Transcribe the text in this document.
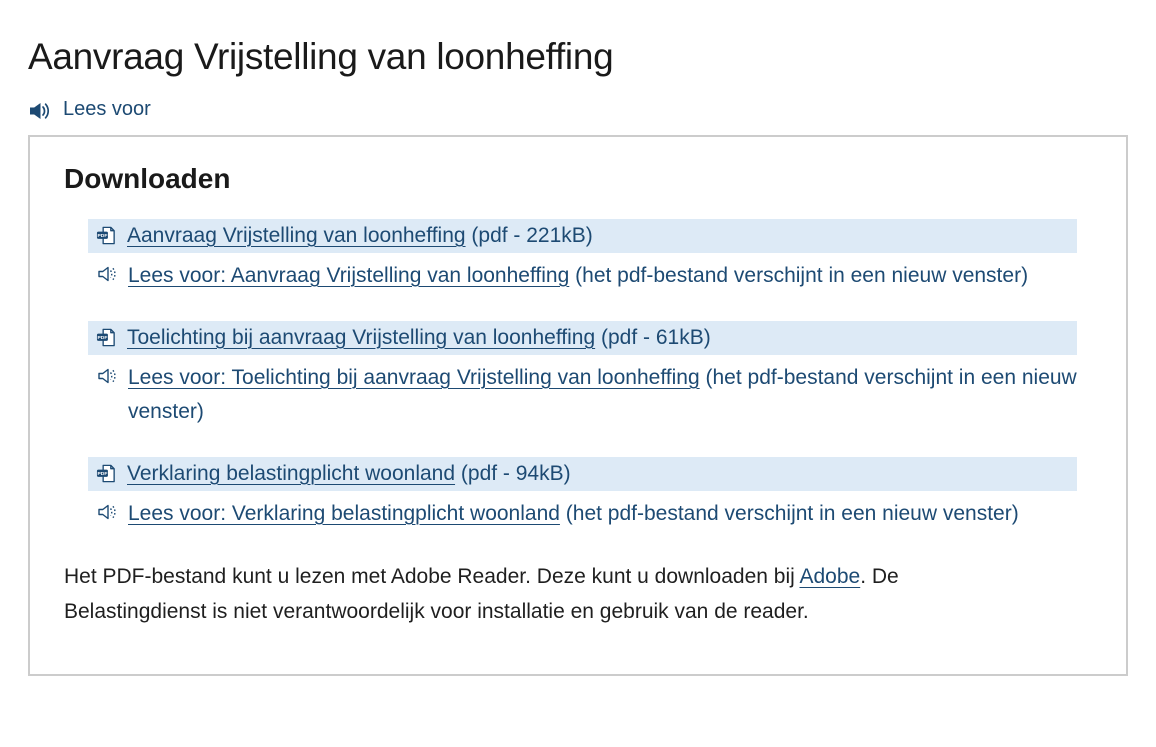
Aanvraag Vrijstelling van loonheffing
Lees voor
Downloaden
PDF Aanvraag Vrijstelling van loonheffing (pdf - 221kB)
Lees voor: Aanvraag Vrijstelling van loonheffing (het pdf-bestand verschijnt in een nieuw venster)
PDF Toelichting bij aanvraag Vrijstelling van loonheffing (pdf - 61kB)
Lees voor: Toelichting bij aanvraag Vrijstelling van loonheffing (het pdf-bestand verschijnt in een nieuw venster)
PDF Verklaring belastingplicht woonland (pdf - 94kB)
Lees voor: Verklaring belastingplicht woonland (het pdf-bestand verschijnt in een nieuw venster)

Het PDF-bestand kunt u lezen met Adobe Reader. Deze kunt u downloaden bij Adobe. De Belastingdienst is niet verantwoordelijk voor installatie en gebruik van de reader.
